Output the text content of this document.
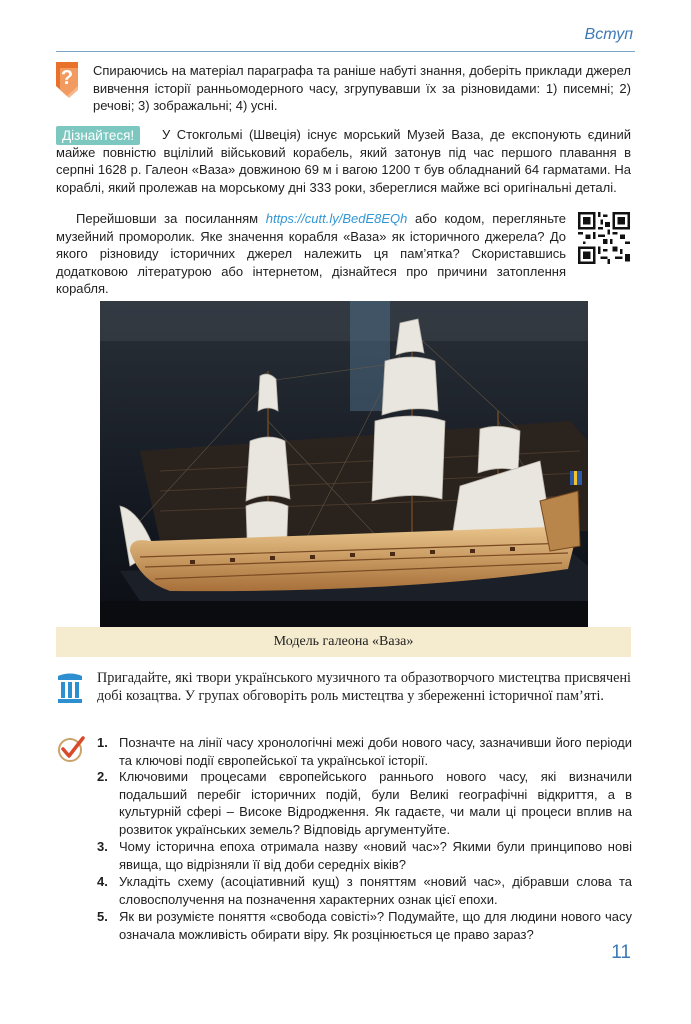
Вступ
? Спираючись на матеріал параграфа та раніше набуті знання, доберіть приклади джерел вивчення історії ранньомодерного часу, згрупувавши їх за різновидами: 1) писемні; 2) речові; 3) зображальні; 4) усні.

Дізнайтеся!	У Стокгольмі (Швеція) існує морський Музей Ваза, де експонують єдиний майже повністю вцілілий військовий корабель, який затонув під час першого плавання в серпні 1628 р. Галеон «Ваза» довжиною 69 м і вагою 1200 т був обладнаний 64 гарматами. На кораблі, який пролежав на морському дні 333 роки, збереглися майже всі оригінальні деталі.

Перейшовши за посиланням https://cutt.ly/BedE8EQh або кодом, перегляньте музейний проморолик. Яке значення корабля «Ваза» як історичного джерела? До якого різновиду історичних джерел належить ця пам’ятка? Скориставшись додатковою літературою або інтернетом, дізнайтеся про причини затоплення корабля.

Модель галеона «Ваза»

Пригадайте, які твори українського музичного та образотворчого мистецтва присвячені добі козацтва. У групах обговоріть роль мистецтва у збереженні історичної пам’яті.

1. Позначте на лінії часу хронологічні межі доби нового часу, зазначивши його періоди та ключові події європейської та української історії.
2. Ключовими процесами європейського раннього нового часу, які визначили подальший перебіг історичних подій, були Великі географічні відкриття, а в культурній сфері – Високе Відродження. Як гадаєте, чи мали ці процеси вплив на розвиток українських земель? Відповідь аргументуйте.
3. Чому історична епоха отримала назву «новий час»? Якими були принципово нові явища, що відрізняли її від доби середніх віків?
4. Укладіть схему (асоціативний кущ) з поняттям «новий час», дібравши слова та словосполучення на позначення характерних ознак цієї епохи.
5. Як ви розумієте поняття «свобода совісті»? Подумайте, що для людини нового часу означала можливість обирати віру. Як розцінюється це право зараз?
11
